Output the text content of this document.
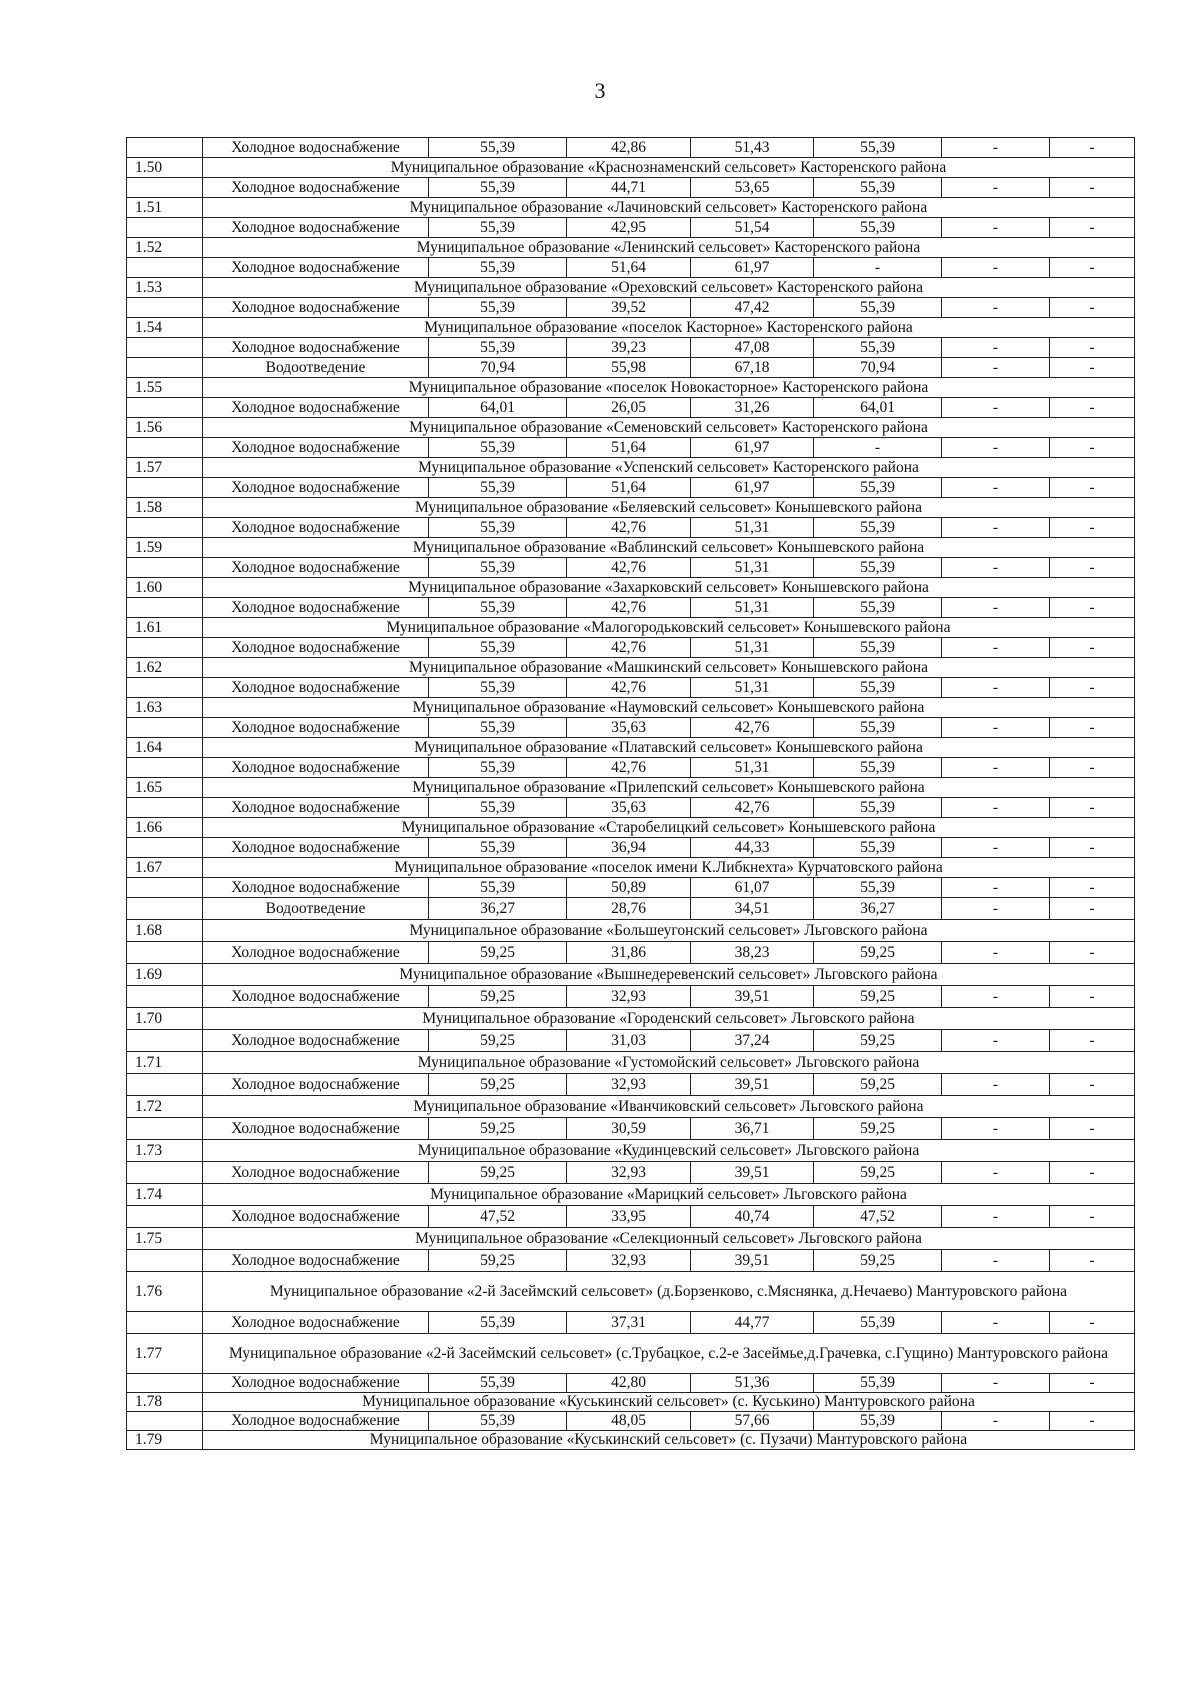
3
	Холодное водоснабжение	55,39	42,86	51,43	55,39	-	-
1.50	Муниципальное образование «Краснознаменский сельсовет» Касторенского района						
	Холодное водоснабжение	55,39	44,71	53,65	55,39	-	-
1.51	Муниципальное образование «Лачиновский сельсовет» Касторенского района						
	Холодное водоснабжение	55,39	42,95	51,54	55,39	-	-
1.52	Муниципальное образование «Ленинский сельсовет» Касторенского района						
	Холодное водоснабжение	55,39	51,64	61,97	-	-	-
1.53	Муниципальное образование «Ореховский сельсовет» Касторенского района						
	Холодное водоснабжение	55,39	39,52	47,42	55,39	-	-
1.54	Муниципальное образование «поселок Касторное» Касторенского района						
	Холодное водоснабжение	55,39	39,23	47,08	55,39	-	-
	Водоотведение	70,94	55,98	67,18	70,94	-	-
1.55	Муниципальное образование «поселок Новокасторное» Касторенского района						
	Холодное водоснабжение	64,01	26,05	31,26	64,01	-	-
1.56	Муниципальное образование «Семеновский сельсовет» Касторенского района						
	Холодное водоснабжение	55,39	51,64	61,97	-	-	-
1.57	Муниципальное образование «Успенский сельсовет» Касторенского района						
	Холодное водоснабжение	55,39	51,64	61,97	55,39	-	-
1.58	Муниципальное образование «Беляевский сельсовет» Конышевского района						
	Холодное водоснабжение	55,39	42,76	51,31	55,39	-	-
1.59	Муниципальное образование «Ваблинский сельсовет» Конышевского района						
	Холодное водоснабжение	55,39	42,76	51,31	55,39	-	-
1.60	Муниципальное образование «Захарковский сельсовет» Конышевского района						
	Холодное водоснабжение	55,39	42,76	51,31	55,39	-	-
1.61	Муниципальное образование «Малогородьковский сельсовет» Конышевского района						
	Холодное водоснабжение	55,39	42,76	51,31	55,39	-	-
1.62	Муниципальное образование «Машкинский сельсовет» Конышевского района						
	Холодное водоснабжение	55,39	42,76	51,31	55,39	-	-
1.63	Муниципальное образование «Наумовский сельсовет» Конышевского района						
	Холодное водоснабжение	55,39	35,63	42,76	55,39	-	-
1.64	Муниципальное образование «Платавский сельсовет» Конышевского района						
	Холодное водоснабжение	55,39	42,76	51,31	55,39	-	-
1.65	Муниципальное образование «Прилепский сельсовет» Конышевского района						
	Холодное водоснабжение	55,39	35,63	42,76	55,39	-	-
1.66	Муниципальное образование «Старобелицкий сельсовет» Конышевского района						
	Холодное водоснабжение	55,39	36,94	44,33	55,39	-	-
1.67	Муниципальное образование «поселок имени К.Либкнехта» Курчатовского района						
	Холодное водоснабжение	55,39	50,89	61,07	55,39	-	-
	Водоотведение	36,27	28,76	34,51	36,27	-	-
1.68	Муниципальное образование «Большеугонский сельсовет» Льговского района						
	Холодное водоснабжение	59,25	31,86	38,23	59,25	-	-
1.69	Муниципальное образование «Вышнедеревенский сельсовет» Льговского района						
	Холодное водоснабжение	59,25	32,93	39,51	59,25	-	-
1.70	Муниципальное образование «Городенский сельсовет» Льговского района						
	Холодное водоснабжение	59,25	31,03	37,24	59,25	-	-
1.71	Муниципальное образование «Густомойский сельсовет» Льговского района						
	Холодное водоснабжение	59,25	32,93	39,51	59,25	-	-
1.72	Муниципальное образование «Иванчиковский сельсовет» Льговского района						
	Холодное водоснабжение	59,25	30,59	36,71	59,25	-	-
1.73	Муниципальное образование «Кудинцевский сельсовет» Льговского района						
	Холодное водоснабжение	59,25	32,93	39,51	59,25	-	-
1.74	Муниципальное образование «Марицкий сельсовет» Льговского района						
	Холодное водоснабжение	47,52	33,95	40,74	47,52	-	-
1.75	Муниципальное образование «Селекционный сельсовет» Льговского района						
	Холодное водоснабжение	59,25	32,93	39,51	59,25	-	-
1.76	Муниципальное образование «2-й Засеймский сельсовет» (д.Борзенково, с.Мяснянка, д.Нечаево) Мантуровского района						
	Холодное водоснабжение	55,39	37,31	44,77	55,39	-	-
1.77	Муниципальное образование «2-й Засеймский сельсовет» (с.Трубацкое, с.2-е Засеймье,д.Грачевка, с.Гущино) Мантуровского района						
	Холодное водоснабжение	55,39	42,80	51,36	55,39	-	-
1.78	Муниципальное образование «Куськинский сельсовет» (с. Куськино) Мантуровского района						
	Холодное водоснабжение	55,39	48,05	57,66	55,39	-	-
1.79	Муниципальное образование «Куськинский сельсовет» (с. Пузачи) Мантуровского района						
